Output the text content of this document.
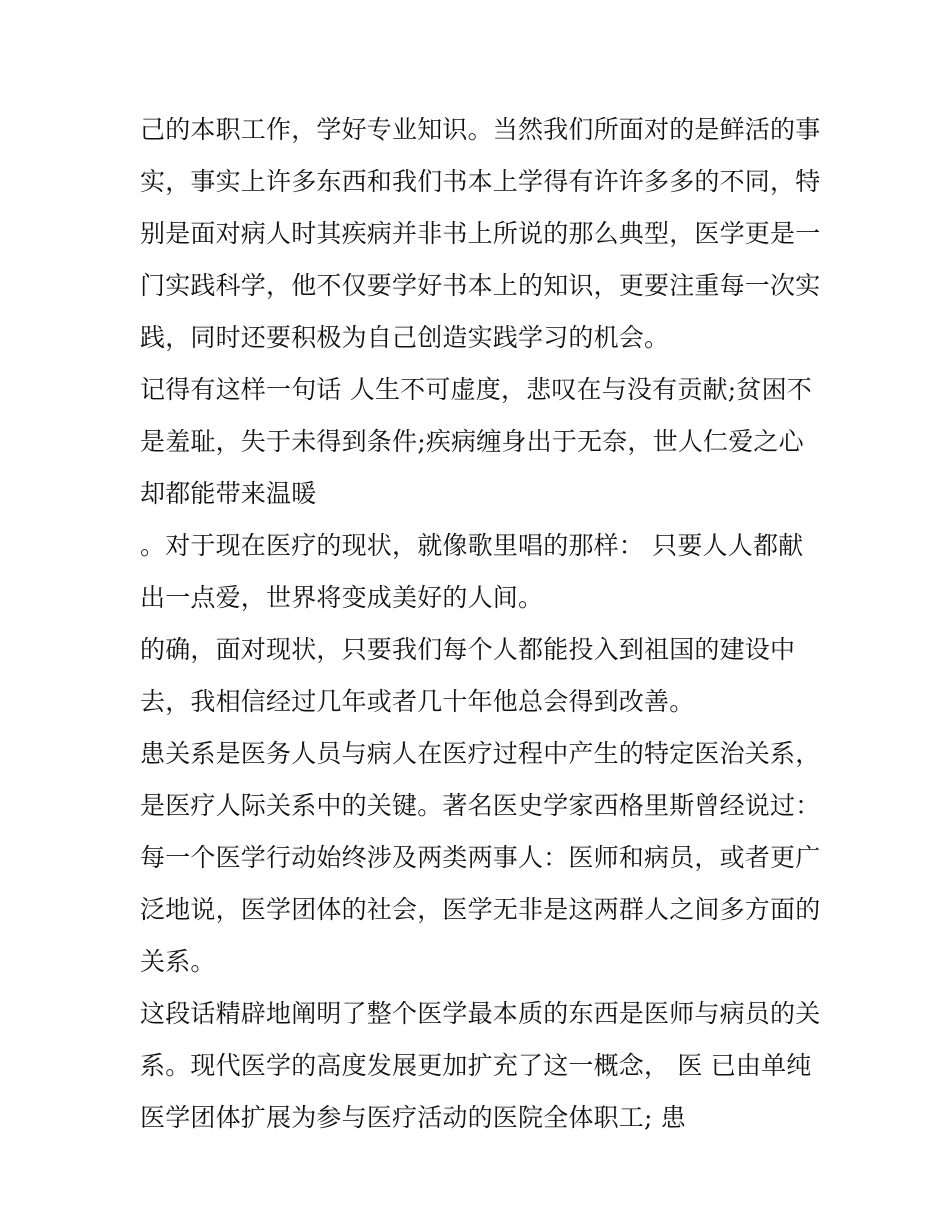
己的本职工作，学好专业知识。当然我们所面对的是鲜活的事
实，事实上许多东西和我们书本上学得有许许多多的不同，特
别是面对病人时其疾病并非书上所说的那么典型，医学更是一
门实践科学，他不仅要学好书本上的知识，更要注重每一次实
践，同时还要积极为自己创造实践学习的机会。
记得有这样一句话 人生不可虚度，悲叹在与没有贡献;贫困不
是羞耻，失于未得到条件;疾病缠身出于无奈，世人仁爱之心
却都能带来温暖
。对于现在医疗的现状，就像歌里唱的那样： 只要人人都献
出一点爱，世界将变成美好的人间。
的确，面对现状，只要我们每个人都能投入到祖国的建设中
去，我相信经过几年或者几十年他总会得到改善。
患关系是医务人员与病人在医疗过程中产生的特定医治关系，
是医疗人际关系中的关键。著名医史学家西格里斯曾经说过：
每一个医学行动始终涉及两类两事人：医师和病员，或者更广
泛地说，医学团体的社会，医学无非是这两群人之间多方面的
关系。
这段话精辟地阐明了整个医学最本质的东西是医师与病员的关
系。现代医学的高度发展更加扩充了这一概念， 医 已由单纯
医学团体扩展为参与医疗活动的医院全体职工; 患
